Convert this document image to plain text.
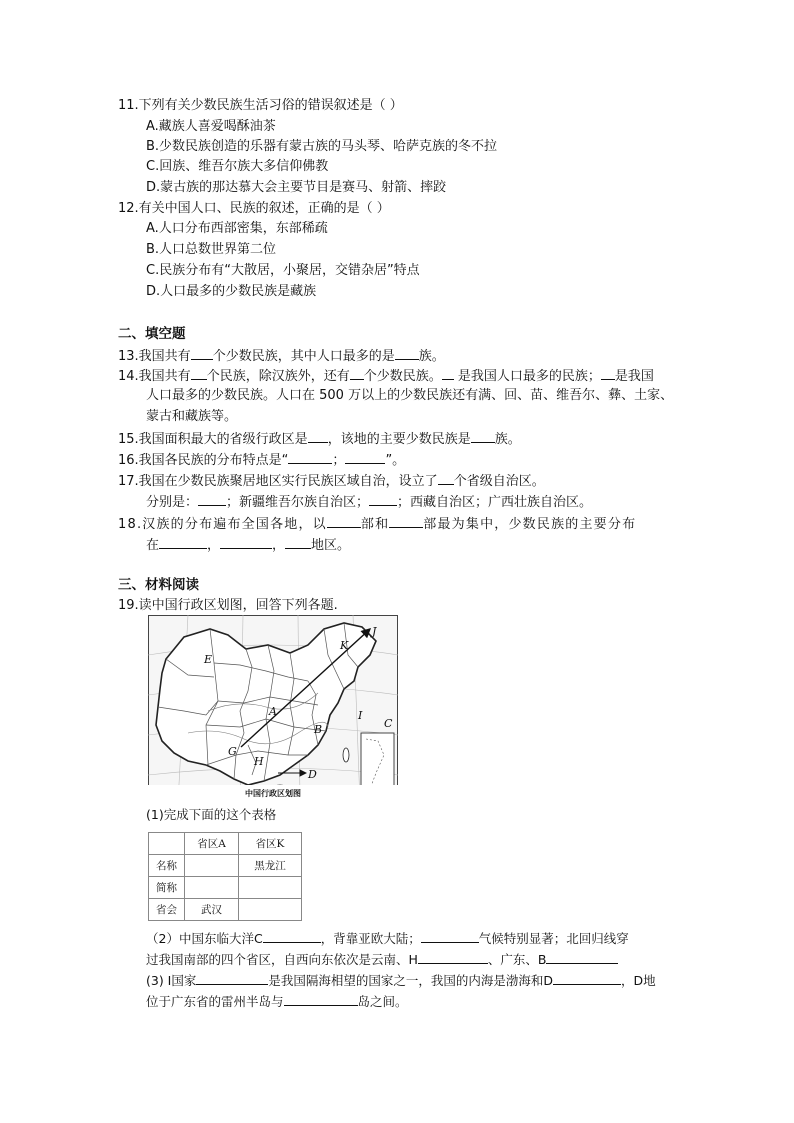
11.下列有关少数民族生活习俗的错误叙述是（ ）
A.藏族人喜爱喝酥油茶
B.少数民族创造的乐器有蒙古族的马头琴、哈萨克族的冬不拉
C.回族、维吾尔族大多信仰佛教
D.蒙古族的那达慕大会主要节目是赛马、射箭、摔跤
12.有关中国人口、民族的叙述，正确的是（ ）
A.人口分布西部密集，东部稀疏
B.人口总数世界第二位
C.民族分布有“大散居，小聚居，交错杂居”特点
D.人口最多的少数民族是藏族
二、填空题
13.我国共有 个少数民族，其中人口最多的是 族。
14.我国共有 个民族，除汉族外，还有 个少数民族。 是我国人口最多的民族； 是我国
人口最多的少数民族。人口在 500 万以上的少数民族还有满、回、苗、维吾尔、彝、土家、
蒙古和藏族等。
15.我国面积最大的省级行政区是 ，该地的主要少数民族是 族。
16.我国各民族的分布特点是“	；	”。
17.我国在少数民族聚居地区实行民族区域自治，设立了 个省级自治区。
分别是： ；新疆维吾尔族自治区； ；西藏自治区；广西壮族自治区。
18.汉族的分布遍布全国各地，以	部和	部最为集中，少数民族的主要分布
在	，	， 地区。
三、材料阅读
19.读中国行政区划图，回答下列各题.
E
A
K
J
C
G
H
B
D
I
中国行政区划图
(1)完成下面的这个表格
	省区A	省区K
名称		黑龙江
简称		
省会	武汉	
（2）中国东临大洋C	，背靠亚欧大陆；	气候特别显著；北回归线穿
过我国南部的四个省区，自西向东依次是云南、H	、广东、B
(3) I国家	是我国隔海相望的国家之一，我国的内海是渤海和D	，D地
位于广东省的雷州半岛与	岛之间。
